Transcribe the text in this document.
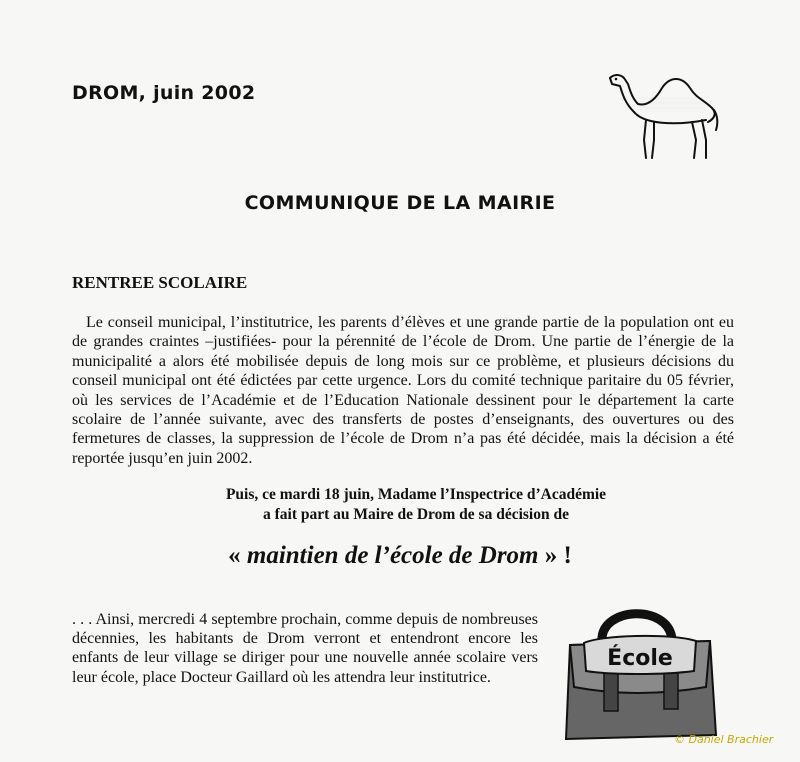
▒▒▒▒▒▒▒
DROM, juin 2002
COMMUNIQUE DE LA MAIRIE
RENTREE SCOLAIRE

Le conseil municipal, l’institutrice, les parents d’élèves et une grande partie de la population ont eu de grandes craintes –justifiées- pour la pérennité de l’école de Drom. Une partie de l’énergie de la municipalité a alors été mobilisée depuis de long mois sur ce problème, et plusieurs décisions du conseil municipal ont été édictées par cette urgence. Lors du comité technique paritaire du 05 février, où les services de l’Académie et de l’Education Nationale dessinent pour le département la carte scolaire de l’année suivante, avec des transferts de postes d’enseignants, des ouvertures ou des fermetures de classes, la suppression de l’école de Drom n’a pas été décidée, mais la décision a été reportée jusqu’en juin 2002.

Puis, ce mardi 18 juin, Madame l’Inspectrice d’Académie
a fait part au Maire de Drom de sa décision de
« maintien de l’école de Drom » !

. . . Ainsi, mercredi 4 septembre prochain, comme depuis de nombreuses décennies, les habitants de Drom verront et entendront encore les enfants de leur village se diriger pour une nouvelle année scolaire vers leur école, place Docteur Gaillard où les attendra leur institutrice.

École
© Daniel Brachier
